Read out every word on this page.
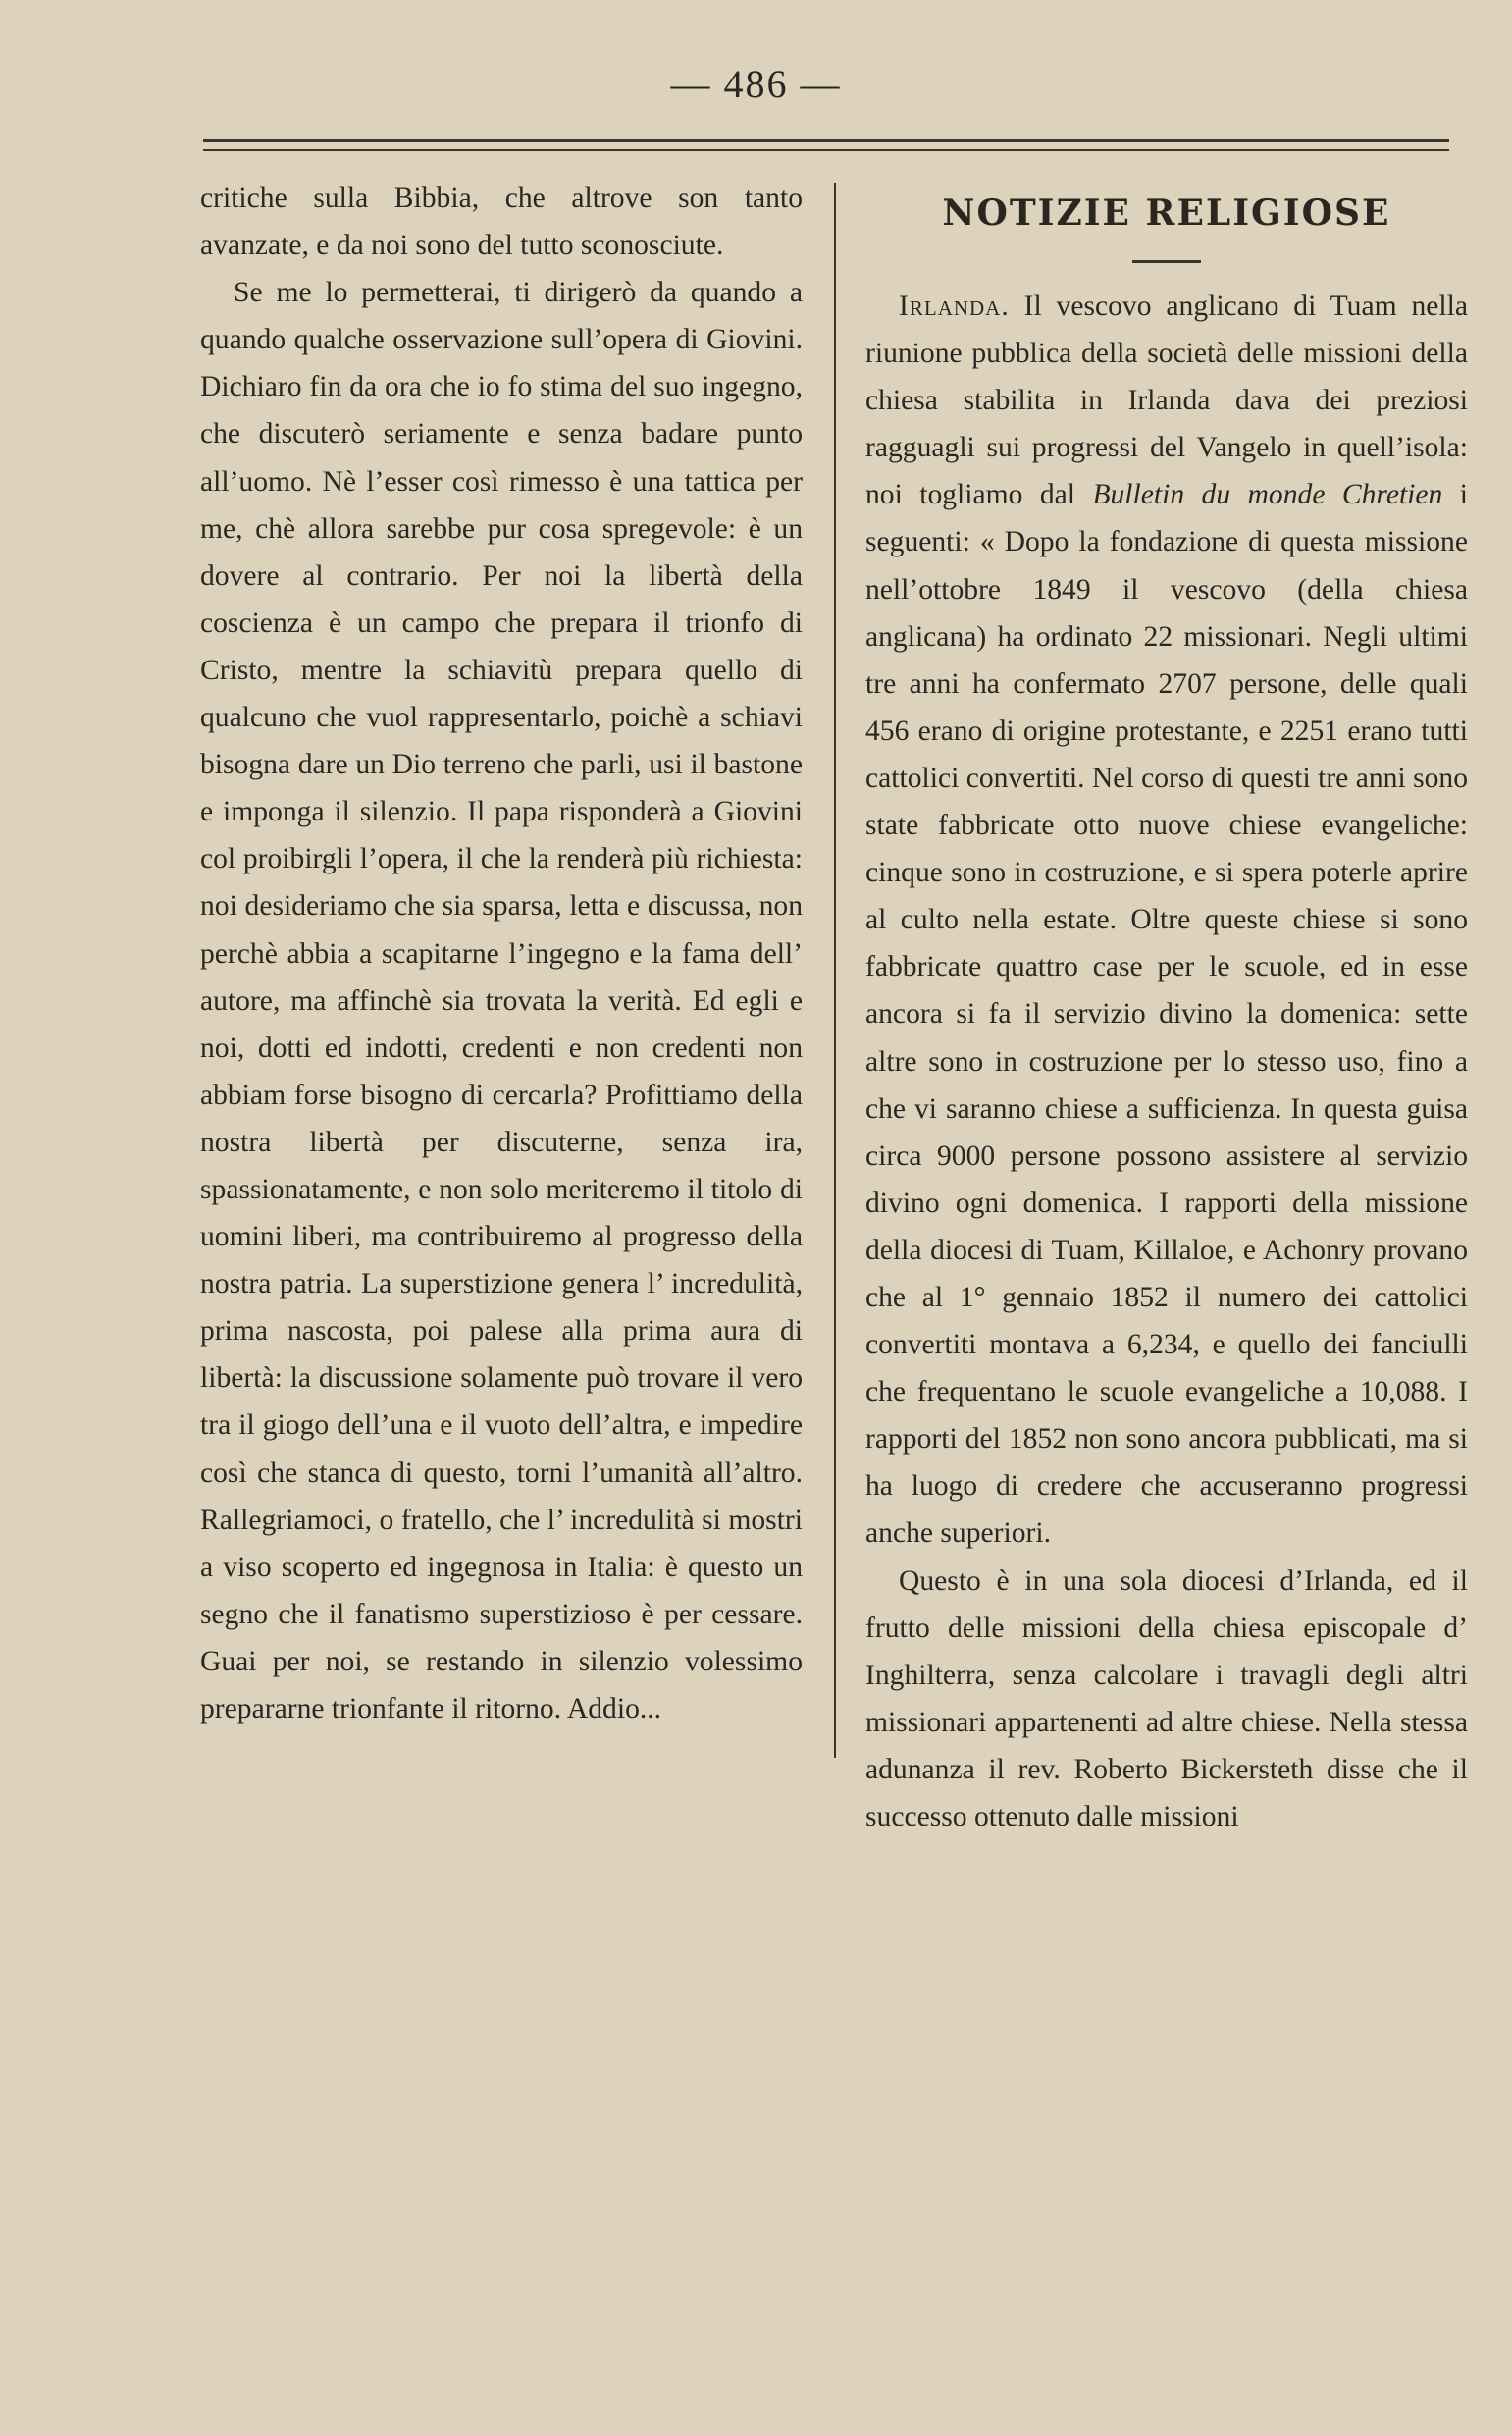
— 486 —

critiche sulla Bibbia, che altrove son tanto avanzate, e da noi sono del tutto sconosciute.

Se me lo permetterai, ti dirigerò da quando a quando qualche osservazione sull’opera di Giovini. Dichiaro fin da ora che io fo stima del suo ingegno, che discuterò seriamente e senza badare punto all’uomo. Nè l’esser così rimesso è una tattica per me, chè allora sarebbe pur cosa spregevole: è un dovere al contrario. Per noi la libertà della coscienza è un campo che prepara il trionfo di Cristo, mentre la schiavitù prepara quello di qualcuno che vuol rappresentarlo, poichè a schiavi bisogna dare un Dio terreno che parli, usi il bastone e imponga il silenzio. Il papa risponderà a Giovini col proibirgli l’opera, il che la renderà più richiesta: noi desideriamo che sia sparsa, letta e discussa, non perchè abbia a scapitarne l’ingegno e la fama dell’ autore, ma affinchè sia trovata la verità. Ed egli e noi, dotti ed indotti, credenti e non credenti non abbiam forse bisogno di cercarla? Profittiamo della nostra libertà per discuterne, senza ira, spassionatamente, e non solo meriteremo il titolo di uomini liberi, ma contribuiremo al progresso della nostra patria. La superstizione genera l’ incredulità, prima nascosta, poi palese alla prima aura di libertà: la discussione solamente può trovare il vero tra il giogo dell’una e il vuoto dell’altra, e impedire così che stanca di questo, torni l’umanità all’altro. Rallegriamoci, o fratello, che l’ incredulità si mostri a viso scoperto ed ingegnosa in Italia: è questo un segno che il fanatismo superstizioso è per cessare. Guai per noi, se restando in silenzio volessimo prepararne trionfante il ritorno. Addio...

NOTIZIE RELIGIOSE

Irlanda. Il vescovo anglicano di Tuam nella riunione pubblica della società delle missioni della chiesa stabilita in Irlanda dava dei preziosi ragguagli sui progressi del Vangelo in quell’isola: noi togliamo dal Bulletin du monde Chretien i seguenti: « Dopo la fondazione di questa missione nell’ottobre 1849 il vescovo (della chiesa anglicana) ha ordinato 22 missionari. Negli ultimi tre anni ha confermato 2707 persone, delle quali 456 erano di origine protestante, e 2251 erano tutti cattolici convertiti. Nel corso di questi tre anni sono state fabbricate otto nuove chiese evangeliche: cinque sono in costruzione, e si spera poterle aprire al culto nella estate. Oltre queste chiese si sono fabbricate quattro case per le scuole, ed in esse ancora si fa il servizio divino la domenica: sette altre sono in costruzione per lo stesso uso, fino a che vi saranno chiese a sufficienza. In questa guisa circa 9000 persone possono assistere al servizio divino ogni domenica. I rapporti della missione della diocesi di Tuam, Killaloe, e Achonry provano che al 1° gennaio 1852 il numero dei cattolici convertiti montava a 6,234, e quello dei fanciulli che frequentano le scuole evangeliche a 10,088. I rapporti del 1852 non sono ancora pubblicati, ma si ha luogo di credere che accuseranno progressi anche superiori.

Questo è in una sola diocesi d’Irlanda, ed il frutto delle missioni della chiesa episcopale d’ Inghilterra, senza calcolare i travagli degli altri missionari appartenenti ad altre chiese. Nella stessa adunanza il rev. Roberto Bickersteth disse che il successo ottenuto dalle missioni
